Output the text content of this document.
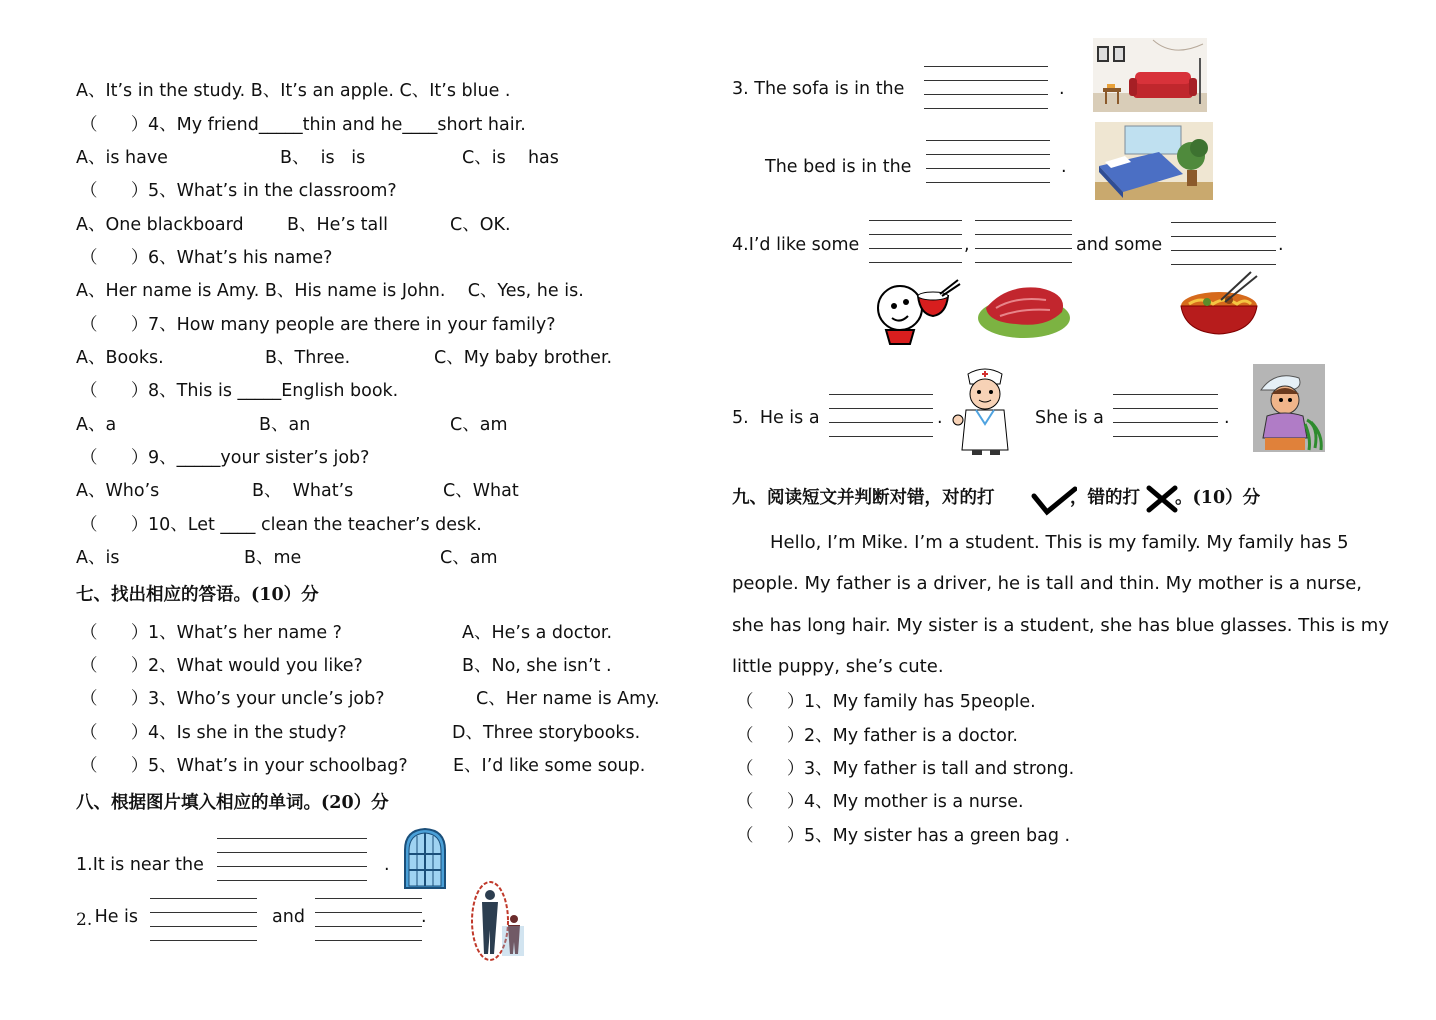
A、It’s in the study. B、It’s an apple. C、It’s blue .
（      ） 4、My friend_____thin and he____short hair.
A、is have	B、  is   is	C、is    has
（      ） 5、What’s in the classroom?
A、One blackboard B、He’s tall	C、OK.
（      ） 6、What’s his name?
A、Her name is Amy. B、His name is John.    C、Yes, he is.
（      ） 7、How many people are there in your family?
A、Books.	B、Three.	C、My baby brother.
（      ） 8、This is _____English book.
A、a	B、an	C、am
（      ） 9、_____your sister’s job?
A、Who’s	B、  What’s	C、What
（      ） 10、Let ____ clean the teacher’s desk.
A、is	B、me	C、am
七、找出相应的答语。(10）分
（      ） 1、What’s her name ?	A、He’s a doctor.
（      ） 2、What would you like?	B、No, she isn’t .
（      ） 3、Who’s your uncle’s job?	C、Her name is Amy.
（      ） 4、Is she in the study?	D、Three storybooks.
（      ） 5、What’s in your schoolbag?	E、I’d like some soup.
八、根据图片填入相应的单词。(20）分
1.It is near the	.
2.
He is	and	.
3. The sofa is in the	.
The bed is in the	.
4.I’d like some	,	and some	.
5.  He is a	.	She is a	.
九、阅读短文并判断对错，对的打	，错的打 。(10）分
Hello, I’m Mike. I’m a student. This is my family. My family has 5
people. My father is a driver, he is tall and thin. My mother is a nurse,
she has long hair. My sister is a student, she has blue glasses. This is my
little puppy, she’s cute.
（      ） 1、My family has 5people.
（      ） 2、My father is a doctor.
（      ） 3、My father is tall and strong.
（      ） 4、My mother is a nurse.
（      ） 5、My sister has a green bag .
